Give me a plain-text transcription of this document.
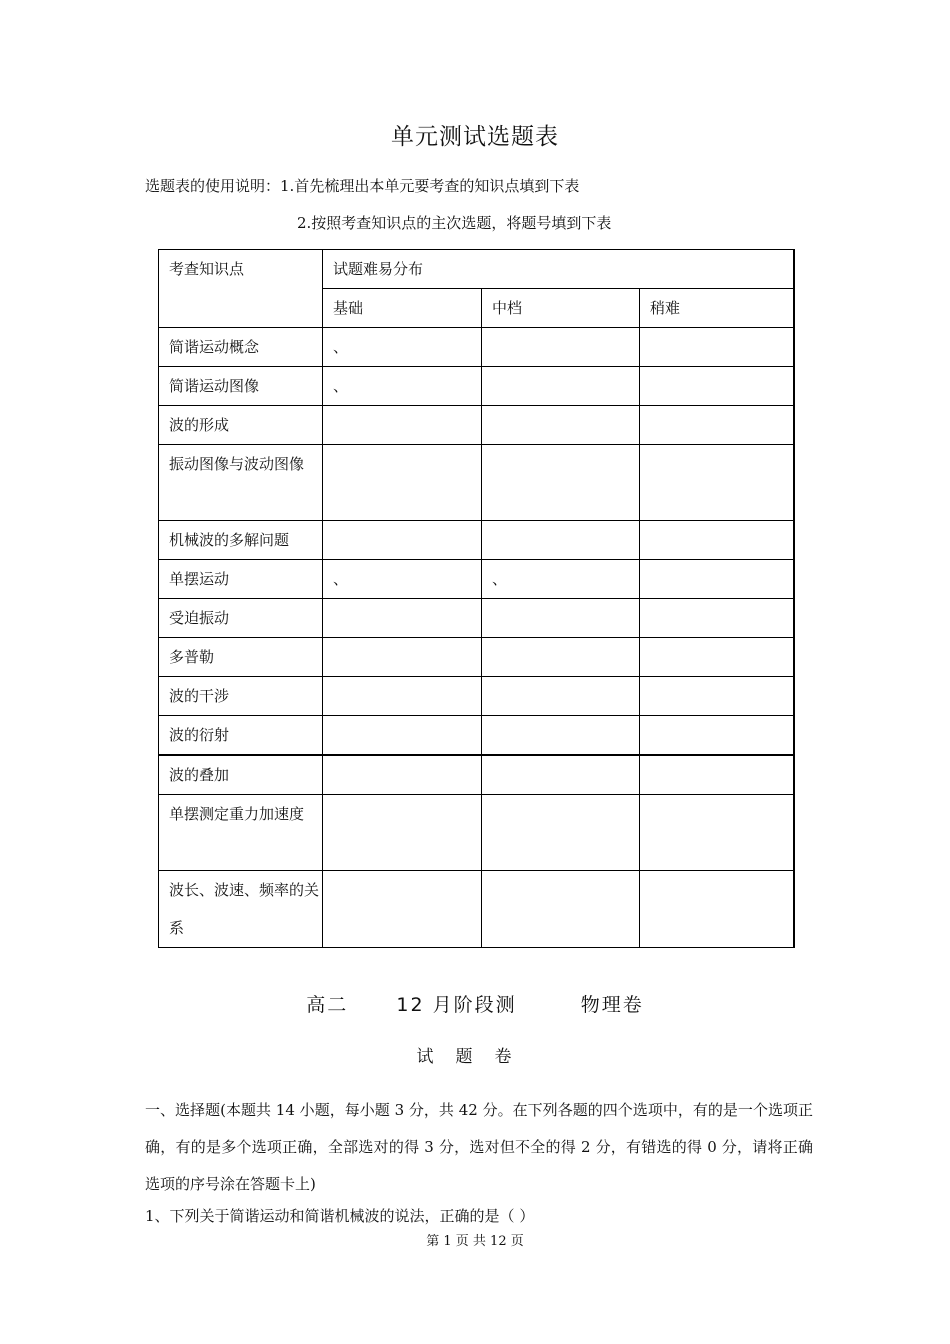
单元测试选题表
选题表的使用说明：1.首先梳理出本单元要考查的知识点填到下表
2.按照考查知识点的主次选题，将题号填到下表
考查知识点	试题难易分布		
	基础	中档	稍难
简谐运动概念	、		
简谐运动图像	、		
波的形成			
振动图像与波动图像			
机械波的多解问题			
单摆运动	、	、	
受迫振动			
多普勒			
波的干涉			
波的衍射			
波的叠加			
单摆测定重力加速度			
波长、波速、频率的关系			
高二	12 月阶段测	物理卷
试题卷
一、选择题(本题共 14 小题，每小题 3 分，共 42 分。在下列各题的四个选项中，有的是一个选项正确，有的是多个选项正确，全部选对的得 3 分，选对但不全的得 2 分，有错选的得 0 分，请将正确选项的序号涂在答题卡上)
1、下列关于简谐运动和简谐机械波的说法，正确的是（ ）
第 1 页 共 12 页
